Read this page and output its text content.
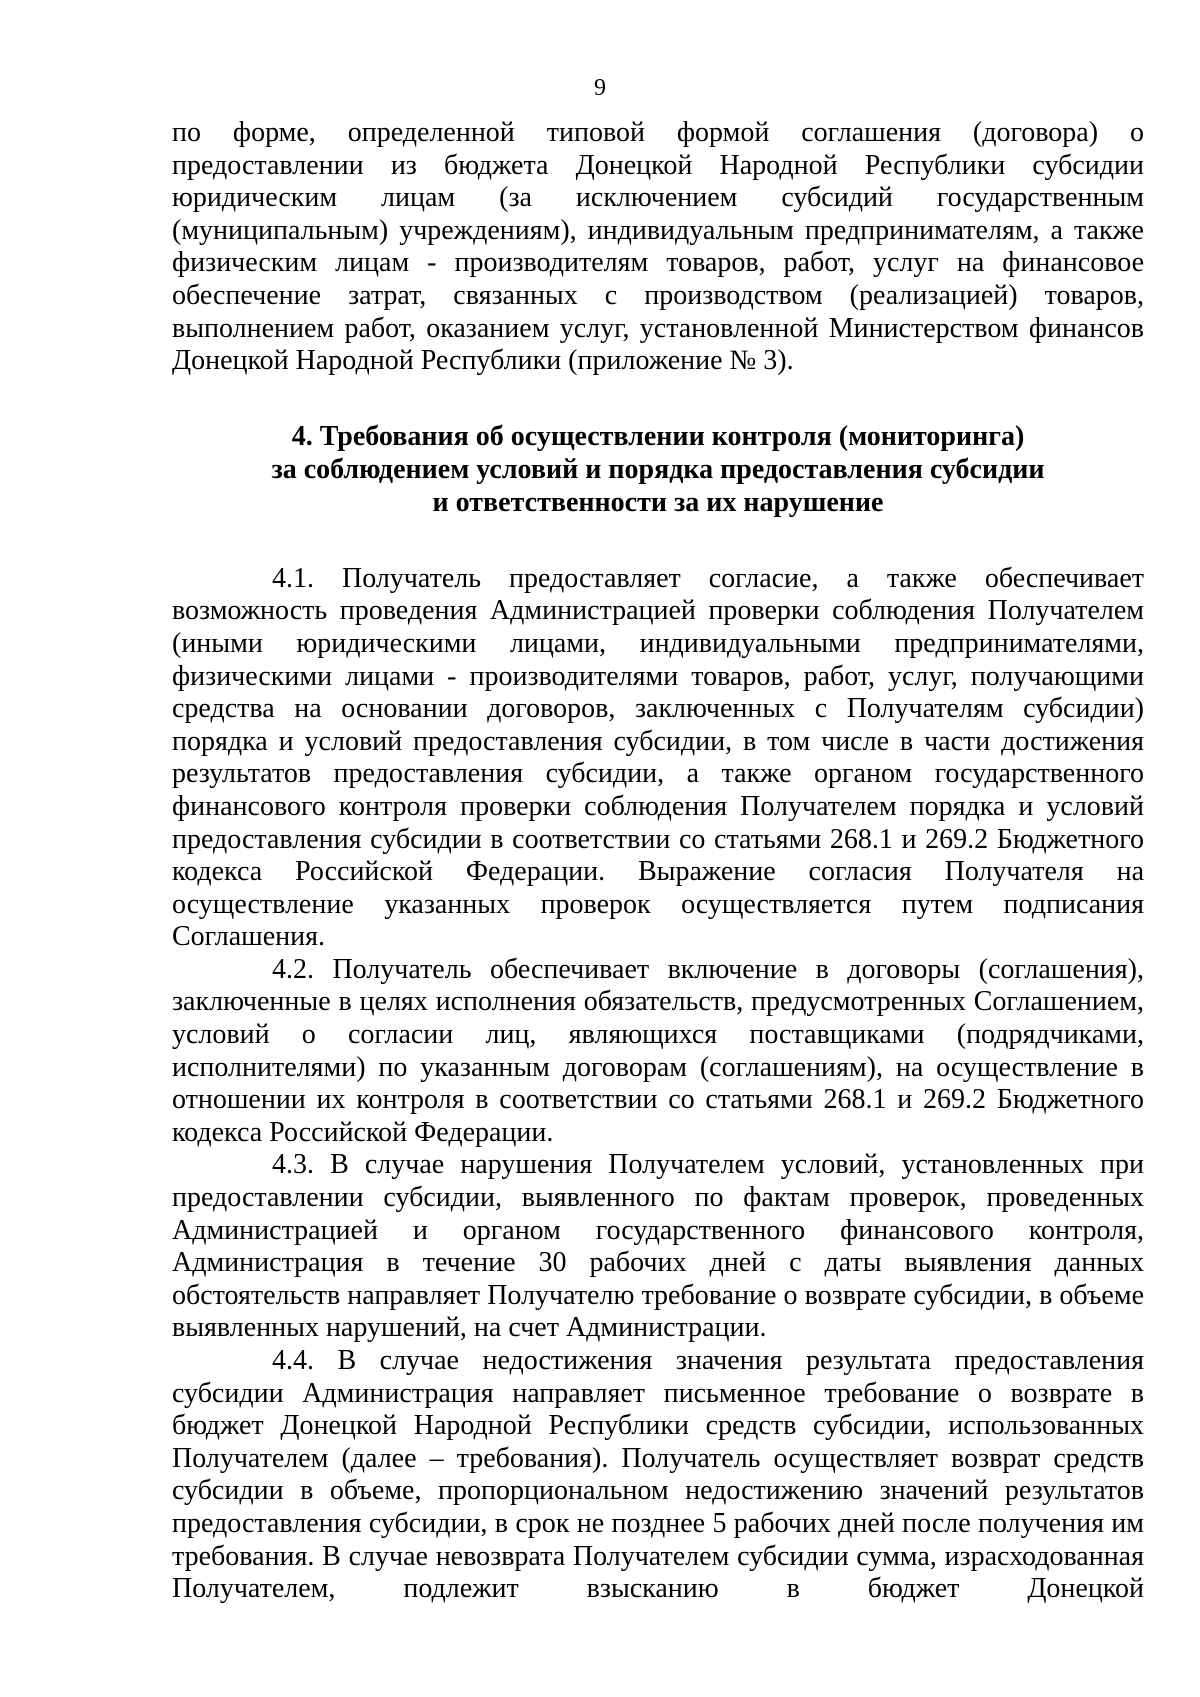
9

по форме, определенной типовой формой соглашения (договора) о предоставлении из бюджета Донецкой Народной Республики субсидии юридическим лицам (за исключением субсидий государственным (муниципальным) учреждениям), индивидуальным предпринимателям, а также физическим лицам - производителям товаров, работ, услуг на финансовое обеспечение затрат, связанных с производством (реализацией) товаров, выполнением работ, оказанием услуг, установленной Министерством финансов Донецкой Народной Республики (приложение № 3).

4. Требования об осуществлении контроля (мониторинга)
за соблюдением условий и порядка предоставления субсидии
и ответственности за их нарушение

4.1. Получатель предоставляет согласие, а также обеспечивает возможность проведения Администрацией проверки соблюдения Получателем (иными юридическими лицами, индивидуальными предпринимателями, физическими лицами - производителями товаров, работ, услуг, получающими средства на основании договоров, заключенных с Получателям субсидии) порядка и условий предоставления субсидии, в том числе в части достижения результатов предоставления субсидии, а также органом государственного финансового контроля проверки соблюдения Получателем порядка и условий предоставления субсидии в соответствии со статьями 268.1 и 269.2 Бюджетного кодекса Российской Федерации. Выражение согласия Получателя на осуществление указанных проверок осуществляется путем подписания Соглашения.

4.2. Получатель обеспечивает включение в договоры (соглашения), заключенные в целях исполнения обязательств, предусмотренных Соглашением, условий о согласии лиц, являющихся поставщиками (подрядчиками, исполнителями) по указанным договорам (соглашениям), на осуществление в отношении их контроля в соответствии со статьями 268.1 и 269.2 Бюджетного кодекса Российской Федерации.

4.3. В случае нарушения Получателем условий, установленных при предоставлении субсидии, выявленного по фактам проверок, проведенных Администрацией и органом государственного финансового контроля, Администрация в течение 30 рабочих дней с даты выявления данных обстоятельств направляет Получателю требование о возврате субсидии, в объеме выявленных нарушений, на счет Администрации.

4.4. В случае недостижения значения результата предоставления субсидии Администрация направляет письменное требование о возврате в бюджет Донецкой Народной Республики средств субсидии, использованных Получателем (далее – требования). Получатель осуществляет возврат средств субсидии в объеме, пропорциональном недостижению значений результатов предоставления субсидии, в срок не позднее 5 рабочих дней после получения им требования. В случае невозврата Получателем субсидии сумма, израсходованная Получателем, подлежит взысканию в бюджет Донецкой
